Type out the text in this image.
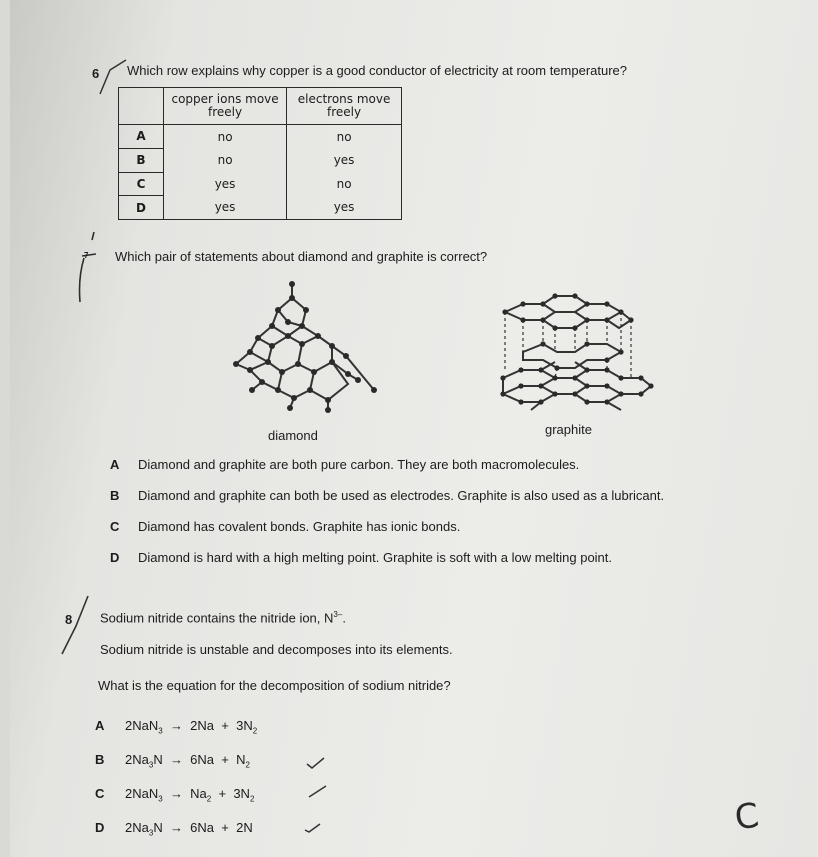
6 Which row explains why copper is a good conductor of electricity at room temperature?
	copper ions move freely	electrons move freely
A	no	no
B	no	yes
C	yes	no
D	yes	yes
7 Which pair of statements about diamond and graphite is correct?
diamond	graphite
A Diamond and graphite are both pure carbon. They are both macromolecules.
B Diamond and graphite can both be used as electrodes. Graphite is also used as a lubricant.
C Diamond has covalent bonds. Graphite has ionic bonds.
D Diamond is hard with a high melting point. Graphite is soft with a low melting point.
8 Sodium nitride contains the nitride ion, $N^{3-}$.
Sodium nitride is unstable and decomposes into its elements.
What is the equation for the decomposition of sodium nitride?
A $2NaN_3 \to 2Na + 3N_2$
B $2Na_3N \to 6Na + N_2$
C $2NaN_3 \to Na_2 + 3N_2$
D $2Na_3N \to 6Na + 2N$	C
